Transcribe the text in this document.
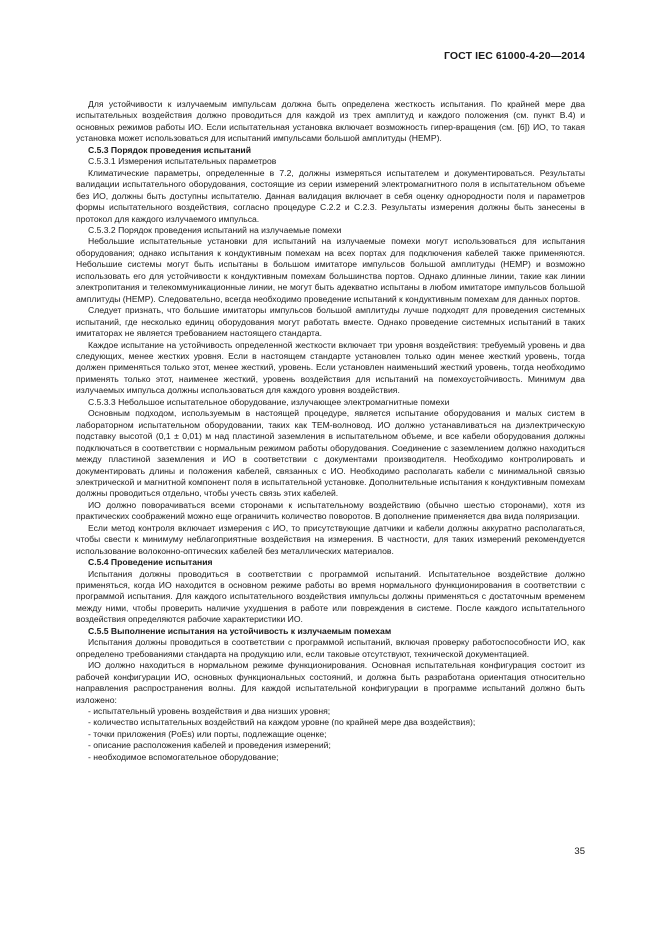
ГОСТ IEC 61000-4-20—2014

Для устойчивости к излучаемым импульсам должна быть определена жесткость испытания. По крайней мере два испытательных воздействия должно проводиться для каждой из трех амплитуд и каждого положения (см. пункт В.4) и основных режимов работы ИО. Если испытательная установка включает возможность гипер-вращения (см. [6]) ИО, то такая установка может использоваться для испытаний импульсами большой амплитуды (HEMP).

С.5.3 Порядок проведения испытаний

С.5.3.1 Измерения испытательных параметров

Климатические параметры, определенные в 7.2, должны измеряться испытателем и документироваться. Результаты валидации испытательного оборудования, состоящие из серии измерений электромагнитного поля в испытательном объеме без ИО, должны быть доступны испытателю. Данная валидация включает в себя оценку однородности поля и параметров формы испытательного воздействия, согласно процедуре С.2.2 и С.2.3. Результаты измерения должны быть занесены в протокол для каждого излучаемого импульса.

С.5.3.2 Порядок проведения испытаний на излучаемые помехи

Небольшие испытательные установки для испытаний на излучаемые помехи могут использоваться для испытания оборудования; однако испытания к кондуктивным помехам на всех портах для подключения кабелей также применяются. Небольшие системы могут быть испытаны в большом имитаторе импульсов большой амплитуды (HEMP) и возможно использовать его для устойчивости к кондуктивным помехам большинства портов. Однако длинные линии, такие как линии электропитания и телекоммуникационные линии, не могут быть адекватно испытаны в любом имитаторе импульсов большой амплитуды (HEMP). Следовательно, всегда необходимо проведение испытаний к кондуктивным помехам для данных портов.

Следует признать, что большие имитаторы импульсов большой амплитуды лучше подходят для проведения системных испытаний, где несколько единиц оборудования могут работать вместе. Однако проведение системных испытаний в таких имитаторах не является требованием настоящего стандарта.

Каждое испытание на устойчивость определенной жесткости включает три уровня воздействия: требуемый уровень и два следующих, менее жестких уровня. Если в настоящем стандарте установлен только один менее жесткий уровень, тогда должен применяться только этот, менее жесткий, уровень. Если установлен наименьший жесткий уровень, тогда необходимо применять только этот, наименее жесткий, уровень воздействия для испытаний на помехоустойчивость. Минимум два излучаемых импульса должны использоваться для каждого уровня воздействия.

С.5.3.3 Небольшое испытательное оборудование, излучающее электромагнитные помехи

Основным подходом, используемым в настоящей процедуре, является испытание оборудования и малых систем в лабораторном испытательном оборудовании, таких как ТЕМ-волновод. ИО должно устанавливаться на диэлектрическую подставку высотой (0,1 ± 0,01) м над пластиной заземления в испытательном объеме, и все кабели оборудования должны подключаться в соответствии с нормальным режимом работы оборудования. Соединение с заземлением должно находиться между пластиной заземления и ИО в соответствии с документами производителя. Необходимо контролировать и документировать длины и положения кабелей, связанных с ИО. Необходимо располагать кабели с минимальной связью электрической и магнитной компонент поля в испытательной установке. Дополнительные испытания к кондуктивным помехам должны проводиться отдельно, чтобы учесть связь этих кабелей.

ИО должно поворачиваться всеми сторонами к испытательному воздействию (обычно шестью сторонами), хотя из практических соображений можно еще ограничить количество поворотов. В дополнение применяется два вида поляризации.

Если метод контроля включает измерения с ИО, то присутствующие датчики и кабели должны аккуратно располагаться, чтобы свести к минимуму неблагоприятные воздействия на измерения. В частности, для таких измерений рекомендуется использование волоконно-оптических кабелей без металлических материалов.

С.5.4 Проведение испытания

Испытания должны проводиться в соответствии с программой испытаний. Испытательное воздействие должно применяться, когда ИО находится в основном режиме работы во время нормального функционирования в соответствии с программой испытания. Для каждого испытательного воздействия импульсы должны применяться с достаточным временем между ними, чтобы проверить наличие ухудшения в работе или повреждения в системе. После каждого испытательного воздействия определяются рабочие характеристики ИО.

С.5.5 Выполнение испытания на устойчивость к излучаемым помехам

Испытания должны проводиться в соответствии с программой испытаний, включая проверку работоспособности ИО, как определено требованиями стандарта на продукцию или, если таковые отсутствуют, технической документацией.

ИО должно находиться в нормальном режиме функционирования. Основная испытательная конфигурация состоит из рабочей конфигурации ИО, основных функциональных состояний, и должна быть разработана ориентация относительно направления распространения волны. Для каждой испытательной конфигурации в программе испытаний должно быть изложено:

- испытательный уровень воздействия и два низших уровня;

- количество испытательных воздействий на каждом уровне (по крайней мере два воздействия);

- точки приложения (PoEs) или порты, подлежащие оценке;

- описание расположения кабелей и проведения измерений;

- необходимое вспомогательное оборудование;

35
